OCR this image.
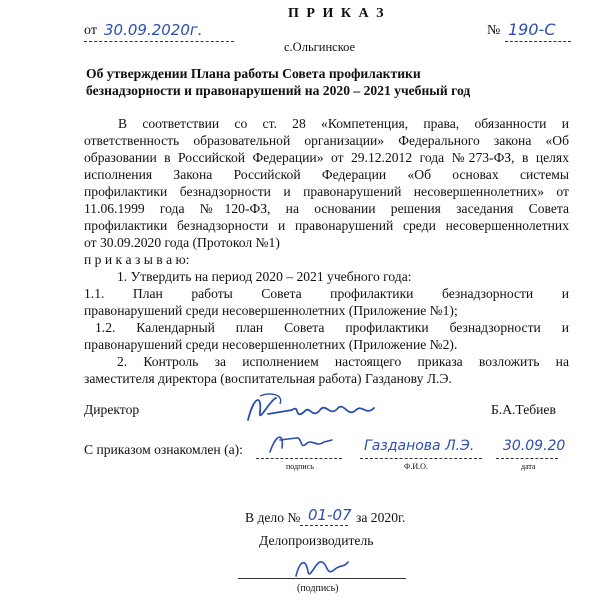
П Р И К А З
от 30.09.2020г.	№ 190-С
с.Ольгинское
Об утверждении Плана работы Совета профилактики
безнадзорности и правонарушений на 2020 – 2021 учебный год
В соответствии со ст. 28 «Компетенция, права, обязанности и
ответственность образовательной организации» Федерального закона «Об
образовании в Российской Федерации» от 29.12.2012 года №273-ФЗ, в целях
исполнения Закона Российской Федерации «Об основах системы
профилактики безнадзорности и правонарушений несовершеннолетних» от
11.06.1999 года №120-ФЗ, на основании решения заседания Совета
профилактики безнадзорности и правонарушений среди несовершеннолетних
от 30.09.2020 года (Протокол №1)
п р и к а з ы в а ю:
1. Утвердить на период 2020 – 2021 учебного года:
1.1. План работы Совета профилактики безнадзорности и
правонарушений среди несовершеннолетних (Приложение №1);
1.2. Календарный план Совета профилактики безнадзорности и
правонарушений среди несовершеннолетних (Приложение №2).
2. Контроль за исполнением настоящего приказа возложить на
заместителя директора (воспитательная работа) Газданову Л.Э.
Директор	Б.А.Тебиев
С приказом ознакомлен (а):	Газданова Л.Э. 30.09.20
подпись	Ф.И.О.	дата
В дело № 01-07 за 2020г.
Делопроизводитель
(подпись)
